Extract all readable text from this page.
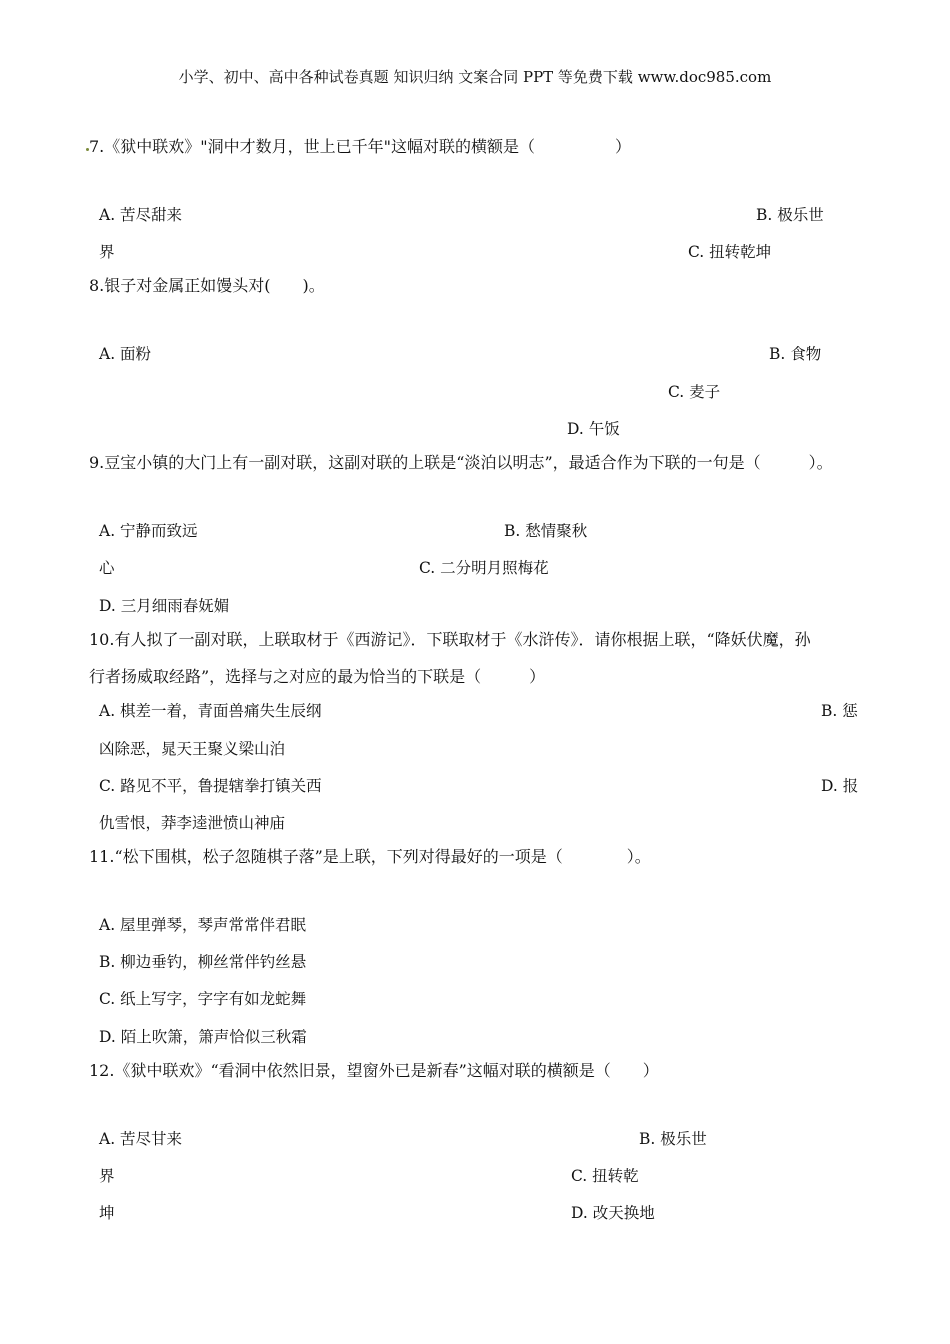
小学、初中、高中各种试卷真题 知识归纳 文案合同 PPT 等免费下载 www.doc985.com
7.《狱中联欢》"洞中才数月，世上已千年"这幅对联的横额是（　　　　　）
A. 苦尽甜来	B. 极乐世
界	C. 扭转乾坤
8.银子对金属正如馒头对(　　)。
A. 面粉	B. 食物
C. 麦子
D. 午饭
9.豆宝小镇的大门上有一副对联，这副对联的上联是“淡泊以明志”，最适合作为下联的一句是（　　　）。
A. 宁静而致远	B. 愁情聚秋
心	C. 二分明月照梅花
D. 三月细雨春妩媚
10.有人拟了一副对联，上联取材于《西游记》．下联取材于《水浒传》．请你根据上联，“降妖伏魔，孙
行者扬威取经路”，选择与之对应的最为恰当的下联是（　　　）
A. 棋差一着，青面兽痛失生辰纲	B. 惩
凶除恶，晁天王聚义梁山泊
C. 路见不平，鲁提辖拳打镇关西	D. 报
仇雪恨，莽李逵泄愤山神庙
11.“松下围棋，松子忽随棋子落”是上联，下列对得最好的一项是（　　　　）。
A. 屋里弹琴，琴声常常伴君眠
B. 柳边垂钓，柳丝常伴钓丝悬
C. 纸上写字，字字有如龙蛇舞
D. 陌上吹箫，箫声恰似三秋霜
12.《狱中联欢》“看洞中依然旧景，望窗外已是新春”这幅对联的横额是（　　）
A. 苦尽甘来	B. 极乐世
界	C. 扭转乾
坤	D. 改天换地
